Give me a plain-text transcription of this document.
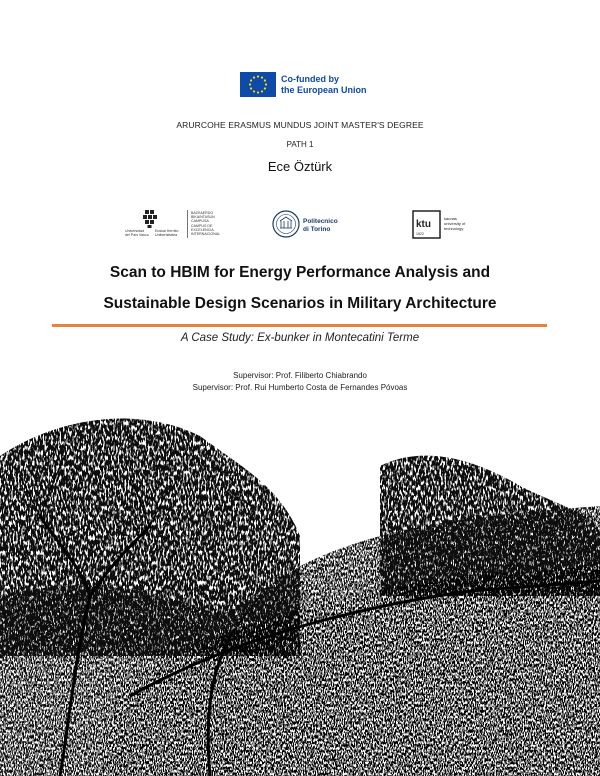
Co-funded by
the European Union
ARURCOHE ERASMUS MUNDUS JOINT MASTER'S DEGREE
PATH 1
Ece Öztürk
Universidad
del País Vasco
Euskal Herriko
Unibertsitatea
BAZKAERDO
BIKAINTASUN
CAMPUSA
CAMPUS DE
EXCELENCIA
INTERNACIONAL
Politecnico
di Torino	ktu
1922
kaunas
university of
technology
Scan to HBIM for Energy Performance Analysis and
Sustainable Design Scenarios in Military Architecture
A Case Study: Ex-bunker in Montecatini Terme
Supervisor: Prof. Filiberto Chiabrando
Supervisor: Prof. Rui Humberto Costa de Fernandes Póvoas
